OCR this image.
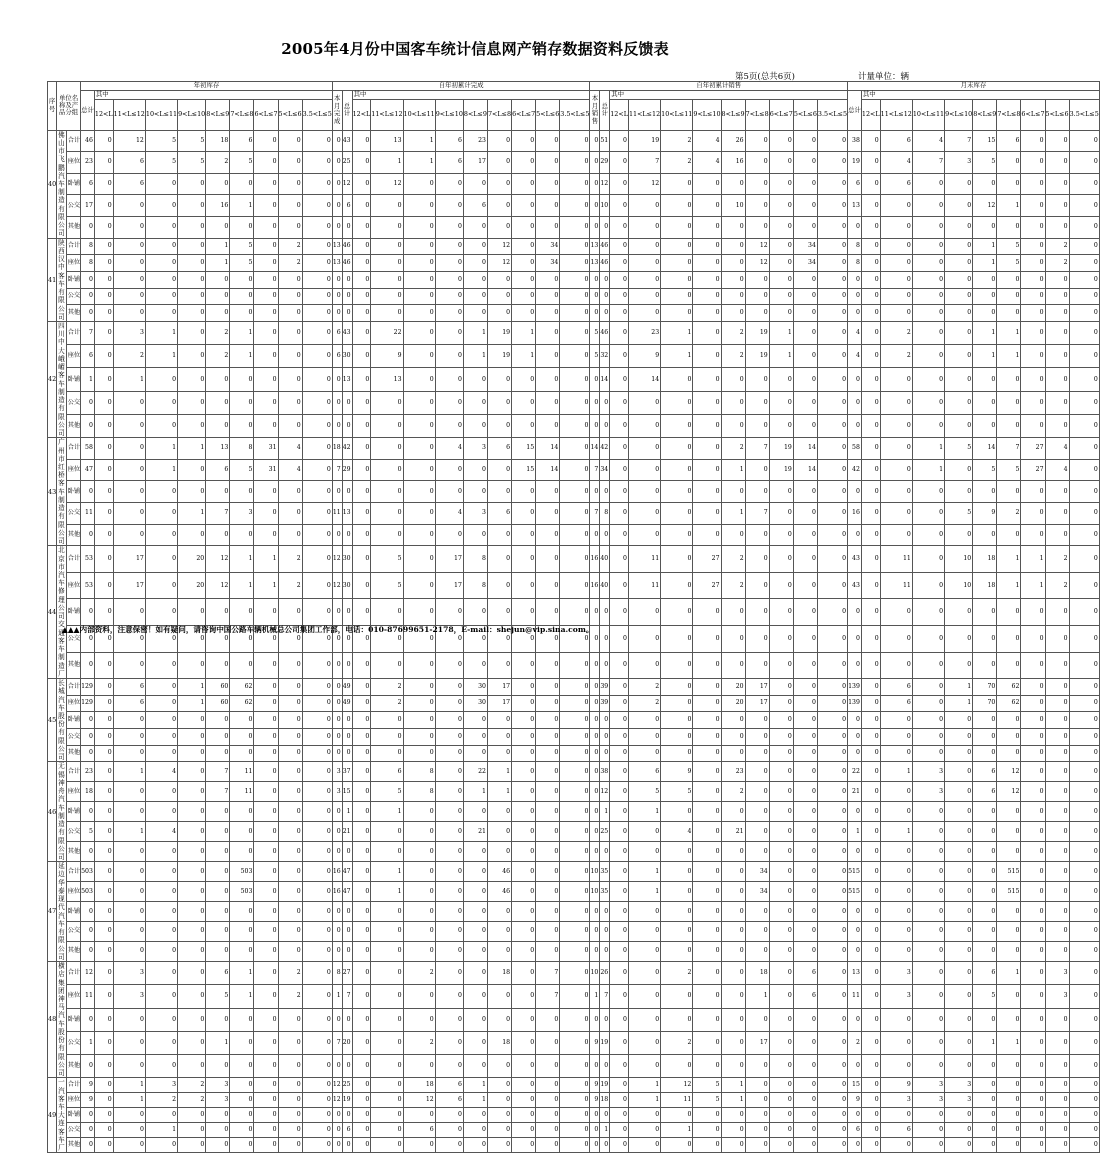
2005年4月份中国客车统计信息网产销存数据资料反馈表
第5页(总共6页)	计量单位：辆
序号	单位名称及产品分组		年初库存										自年初累计完成											自年初累计销售											月末库存									
			总计	其中									本月完成	总计	其中									本月销售	总计	其中									总计	其中								
				12<L	11<L≤12	10<L≤11	9<L≤10	8<L≤9	7<L≤8	6<L≤7	5<L≤6	3.5<L≤5			12<L	11<L≤12	10<L≤11	9<L≤10	8<L≤9	7<L≤8	6<L≤7	5<L≤6	3.5<L≤5			12<L	11<L≤12	10<L≤11	9<L≤10	8<L≤9	7<L≤8	6<L≤7	5<L≤6	3.5<L≤5		12<L	11<L≤12	10<L≤11	9<L≤10	8<L≤9	7<L≤8	6<L≤7	5<L≤6	3.5<L≤5
40	佛山市飞鹏汽车制造有限公司	合计	46	0	12	5	5	18	6	0	0	0	0	43	0	13	1	6	23	0	0	0	0	0	51	0	19	2	4	26	0	0	0	0	38	0	6	4	7	15	6	0	0	0
		座位	23	0	6	5	5	2	5	0	0	0	0	25	0	1	1	6	17	0	0	0	0	0	29	0	7	2	4	16	0	0	0	0	19	0	4	7	3	5	0	0	0	0
		卧铺	6	0	6	0	0	0	0	0	0	0	0	12	0	12	0	0	0	0	0	0	0	0	12	0	12	0	0	0	0	0	0	0	6	0	6	0	0	0	0	0	0	0
		公交	17	0	0	0	0	16	1	0	0	0	0	6	0	0	0	0	6	0	0	0	0	0	10	0	0	0	0	10	0	0	0	0	13	0	0	0	0	12	1	0	0	0
		其他	0	0	0	0	0	0	0	0	0	0	0	0	0	0	0	0	0	0	0	0	0	0	0	0	0	0	0	0	0	0	0	0	0	0	0	0	0	0	0	0	0	0
41	陕西汉中客车有限公司	合计	8	0	0	0	0	1	5	0	2	0	13	46	0	0	0	0	0	12	0	34	0	13	46	0	0	0	0	0	12	0	34	0	8	0	0	0	0	1	5	0	2	0
		座位	8	0	0	0	0	1	5	0	2	0	13	46	0	0	0	0	0	12	0	34	0	13	46	0	0	0	0	0	12	0	34	0	8	0	0	0	0	1	5	0	2	0
		卧铺	0	0	0	0	0	0	0	0	0	0	0	0	0	0	0	0	0	0	0	0	0	0	0	0	0	0	0	0	0	0	0	0	0	0	0	0	0	0	0	0	0	0
		公交	0	0	0	0	0	0	0	0	0	0	0	0	0	0	0	0	0	0	0	0	0	0	0	0	0	0	0	0	0	0	0	0	0	0	0	0	0	0	0	0	0	0
		其他	0	0	0	0	0	0	0	0	0	0	0	0	0	0	0	0	0	0	0	0	0	0	0	0	0	0	0	0	0	0	0	0	0	0	0	0	0	0	0	0	0	0
42	四川中大峨嵋客车制造有限公司	合计	7	0	3	1	0	2	1	0	0	0	6	43	0	22	0	0	1	19	1	0	0	5	46	0	23	1	0	2	19	1	0	0	4	0	2	0	0	1	1	0	0	0
		座位	6	0	2	1	0	2	1	0	0	0	6	30	0	9	0	0	1	19	1	0	0	5	32	0	9	1	0	2	19	1	0	0	4	0	2	0	0	1	1	0	0	0
		卧铺	1	0	1	0	0	0	0	0	0	0	0	13	0	13	0	0	0	0	0	0	0	0	14	0	14	0	0	0	0	0	0	0	0	0	0	0	0	0	0	0	0	0
		公交	0	0	0	0	0	0	0	0	0	0	0	0	0	0	0	0	0	0	0	0	0	0	0	0	0	0	0	0	0	0	0	0	0	0	0	0	0	0	0	0	0	0
		其他	0	0	0	0	0	0	0	0	0	0	0	0	0	0	0	0	0	0	0	0	0	0	0	0	0	0	0	0	0	0	0	0	0	0	0	0	0	0	0	0	0	0
43	广州市红桥客车制造有限公司	合计	58	0	0	1	1	13	8	31	4	0	18	42	0	0	0	4	3	6	15	14	0	14	42	0	0	0	0	2	7	19	14	0	58	0	0	1	5	14	7	27	4	0
		座位	47	0	0	1	0	6	5	31	4	0	7	29	0	0	0	0	0	0	15	14	0	7	34	0	0	0	0	1	0	19	14	0	42	0	0	1	0	5	5	27	4	0
		卧铺	0	0	0	0	0	0	0	0	0	0	0	0	0	0	0	0	0	0	0	0	0	0	0	0	0	0	0	0	0	0	0	0	0	0	0	0	0	0	0	0	0	0
		公交	11	0	0	0	1	7	3	0	0	0	11	13	0	0	0	4	3	6	0	0	0	7	8	0	0	0	0	1	7	0	0	0	16	0	0	0	5	9	2	0	0	0
		其他	0	0	0	0	0	0	0	0	0	0	0	0	0	0	0	0	0	0	0	0	0	0	0	0	0	0	0	0	0	0	0	0	0	0	0	0	0	0	0	0	0	0
44	北京市汽车修理公司交通客车制造厂	合计	53	0	17	0	20	12	1	1	2	0	12	30	0	5	0	17	8	0	0	0	0	16	40	0	11	0	27	2	0	0	0	0	43	0	11	0	10	18	1	1	2	0
		座位	53	0	17	0	20	12	1	1	2	0	12	30	0	5	0	17	8	0	0	0	0	16	40	0	11	0	27	2	0	0	0	0	43	0	11	0	10	18	1	1	2	0
		卧铺	0	0	0	0	0	0	0	0	0	0	0	0	0	0	0	0	0	0	0	0	0	0	0	0	0	0	0	0	0	0	0	0	0	0	0	0	0	0	0	0	0	0
		公交	0	0	0	0	0	0	0	0	0	0	0	0	0	0	0	0	0	0	0	0	0	0	0	0	0	0	0	0	0	0	0	0	0	0	0	0	0	0	0	0	0	0
		其他	0	0	0	0	0	0	0	0	0	0	0	0	0	0	0	0	0	0	0	0	0	0	0	0	0	0	0	0	0	0	0	0	0	0	0	0	0	0	0	0	0	0
45	长城汽车股份有限公司	合计	129	0	6	0	1	60	62	0	0	0	0	49	0	2	0	0	30	17	0	0	0	0	39	0	2	0	0	20	17	0	0	0	139	0	6	0	1	70	62	0	0	0
		座位	129	0	6	0	1	60	62	0	0	0	0	49	0	2	0	0	30	17	0	0	0	0	39	0	2	0	0	20	17	0	0	0	139	0	6	0	1	70	62	0	0	0
		卧铺	0	0	0	0	0	0	0	0	0	0	0	0	0	0	0	0	0	0	0	0	0	0	0	0	0	0	0	0	0	0	0	0	0	0	0	0	0	0	0	0	0	0
		公交	0	0	0	0	0	0	0	0	0	0	0	0	0	0	0	0	0	0	0	0	0	0	0	0	0	0	0	0	0	0	0	0	0	0	0	0	0	0	0	0	0	0
		其他	0	0	0	0	0	0	0	0	0	0	0	0	0	0	0	0	0	0	0	0	0	0	0	0	0	0	0	0	0	0	0	0	0	0	0	0	0	0	0	0	0	0
46	无锡神舟汽车制造有限公司	合计	23	0	1	4	0	7	11	0	0	0	3	37	0	6	8	0	22	1	0	0	0	0	38	0	6	9	0	23	0	0	0	0	22	0	1	3	0	6	12	0	0	0
		座位	18	0	0	0	0	7	11	0	0	0	3	15	0	5	8	0	1	1	0	0	0	0	12	0	5	5	0	2	0	0	0	0	21	0	0	3	0	6	12	0	0	0
		卧铺	0	0	0	0	0	0	0	0	0	0	0	1	0	1	0	0	0	0	0	0	0	0	1	0	1	0	0	0	0	0	0	0	0	0	0	0	0	0	0	0	0	0
		公交	5	0	1	4	0	0	0	0	0	0	0	21	0	0	0	0	21	0	0	0	0	0	25	0	0	4	0	21	0	0	0	0	1	0	1	0	0	0	0	0	0	0
		其他	0	0	0	0	0	0	0	0	0	0	0	0	0	0	0	0	0	0	0	0	0	0	0	0	0	0	0	0	0	0	0	0	0	0	0	0	0	0	0	0	0	0
47	延边华泰现代汽车有限公司	合计	503	0	0	0	0	0	503	0	0	0	16	47	0	1	0	0	0	46	0	0	0	10	35	0	1	0	0	0	34	0	0	0	515	0	0	0	0	0	515	0	0	0
		座位	503	0	0	0	0	0	503	0	0	0	16	47	0	1	0	0	0	46	0	0	0	10	35	0	1	0	0	0	34	0	0	0	515	0	0	0	0	0	515	0	0	0
		卧铺	0	0	0	0	0	0	0	0	0	0	0	0	0	0	0	0	0	0	0	0	0	0	0	0	0	0	0	0	0	0	0	0	0	0	0	0	0	0	0	0	0	0
		公交	0	0	0	0	0	0	0	0	0	0	0	0	0	0	0	0	0	0	0	0	0	0	0	0	0	0	0	0	0	0	0	0	0	0	0	0	0	0	0	0	0	0
		其他	0	0	0	0	0	0	0	0	0	0	0	0	0	0	0	0	0	0	0	0	0	0	0	0	0	0	0	0	0	0	0	0	0	0	0	0	0	0	0	0	0	0
48	横店集团神马汽车股份有限公司	合计	12	0	3	0	0	6	1	0	2	0	8	27	0	0	2	0	0	18	0	7	0	10	26	0	0	2	0	0	18	0	6	0	13	0	3	0	0	6	1	0	3	0
		座位	11	0	3	0	0	5	1	0	2	0	1	7	0	0	0	0	0	0	0	7	0	1	7	0	0	0	0	0	1	0	6	0	11	0	3	0	0	5	0	0	3	0
		卧铺	0	0	0	0	0	0	0	0	0	0	0	0	0	0	0	0	0	0	0	0	0	0	0	0	0	0	0	0	0	0	0	0	0	0	0	0	0	0	0	0	0	0
		公交	1	0	0	0	0	1	0	0	0	0	7	20	0	0	2	0	0	18	0	0	0	9	19	0	0	2	0	0	17	0	0	0	2	0	0	0	0	1	1	0	0	0
		其他	0	0	0	0	0	0	0	0	0	0	0	0	0	0	0	0	0	0	0	0	0	0	0	0	0	0	0	0	0	0	0	0	0	0	0	0	0	0	0	0	0	0
49	一汽客车大连客车厂	合计	9	0	1	3	2	3	0	0	0	0	12	25	0	0	18	6	1	0	0	0	0	9	19	0	1	12	5	1	0	0	0	0	15	0	9	3	3	0	0	0	0	0
		座位	9	0	1	2	2	3	0	0	0	0	12	19	0	0	12	6	1	0	0	0	0	9	18	0	1	11	5	1	0	0	0	0	9	0	3	3	3	0	0	0	0	0
		卧铺	0	0	0	0	0	0	0	0	0	0	0	0	0	0	0	0	0	0	0	0	0	0	0	0	0	0	0	0	0	0	0	0	0	0	0	0	0	0	0	0	0	0
		公交	0	0	0	1	0	0	0	0	0	0	0	6	0	0	6	0	0	0	0	0	0	0	1	0	0	1	0	0	0	0	0	0	6	0	6	0	0	0	0	0	0	0
		其他	0	0	0	0	0	0	0	0	0	0	0	0	0	0	0	0	0	0	0	0	0	0	0	0	0	0	0	0	0	0	0	0	0	0	0	0	0	0	0	0	0	0
▲▲▲内部资料，注意保密！如有疑问，请咨询中国公路车辆机械总公司集团工作部，电话：010-87699651-2178，E-mail：shejun@vip.sina.com。
